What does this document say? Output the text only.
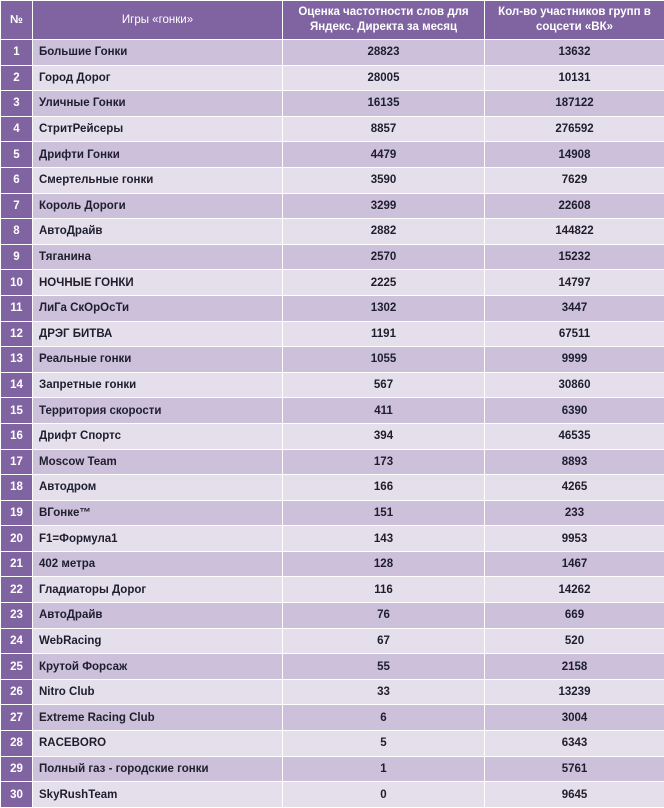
№	Игры «гонки»	Оценка частотности слов для Яндекс. Директа за месяц	Кол-во участников групп в соцсети «ВК»
1	Большие Гонки	28823	13632
2	Город Дорог	28005	10131
3	Уличные Гонки	16135	187122
4	СтритРейсеры	8857	276592
5	Дрифти Гонки	4479	14908
6	Смертельные гонки	3590	7629
7	Король Дороги	3299	22608
8	АвтоДрайв	2882	144822
9	Тяганина	2570	15232
10	НОЧНЫЕ ГОНКИ	2225	14797
11	ЛиГа СкОрОсТи	1302	3447
12	ДРЭГ БИТВА	1191	67511
13	Реальные гонки	1055	9999
14	Запретные гонки	567	30860
15	Территория скорости	411	6390
16	Дрифт Спортс	394	46535
17	Moscow Team	173	8893
18	Автодром	166	4265
19	ВГонке™	151	233
20	F1=Формула1	143	9953
21	402 метра	128	1467
22	Гладиаторы Дорог	116	14262
23	АвтоДрайв	76	669
24	WebRacing	67	520
25	Крутой Форсаж	55	2158
26	Nitro Club	33	13239
27	Extreme Racing Club	6	3004
28	RACEBORO	5	6343
29	Полный газ - городские гонки	1	5761
30	SkyRushTeam	0	9645
